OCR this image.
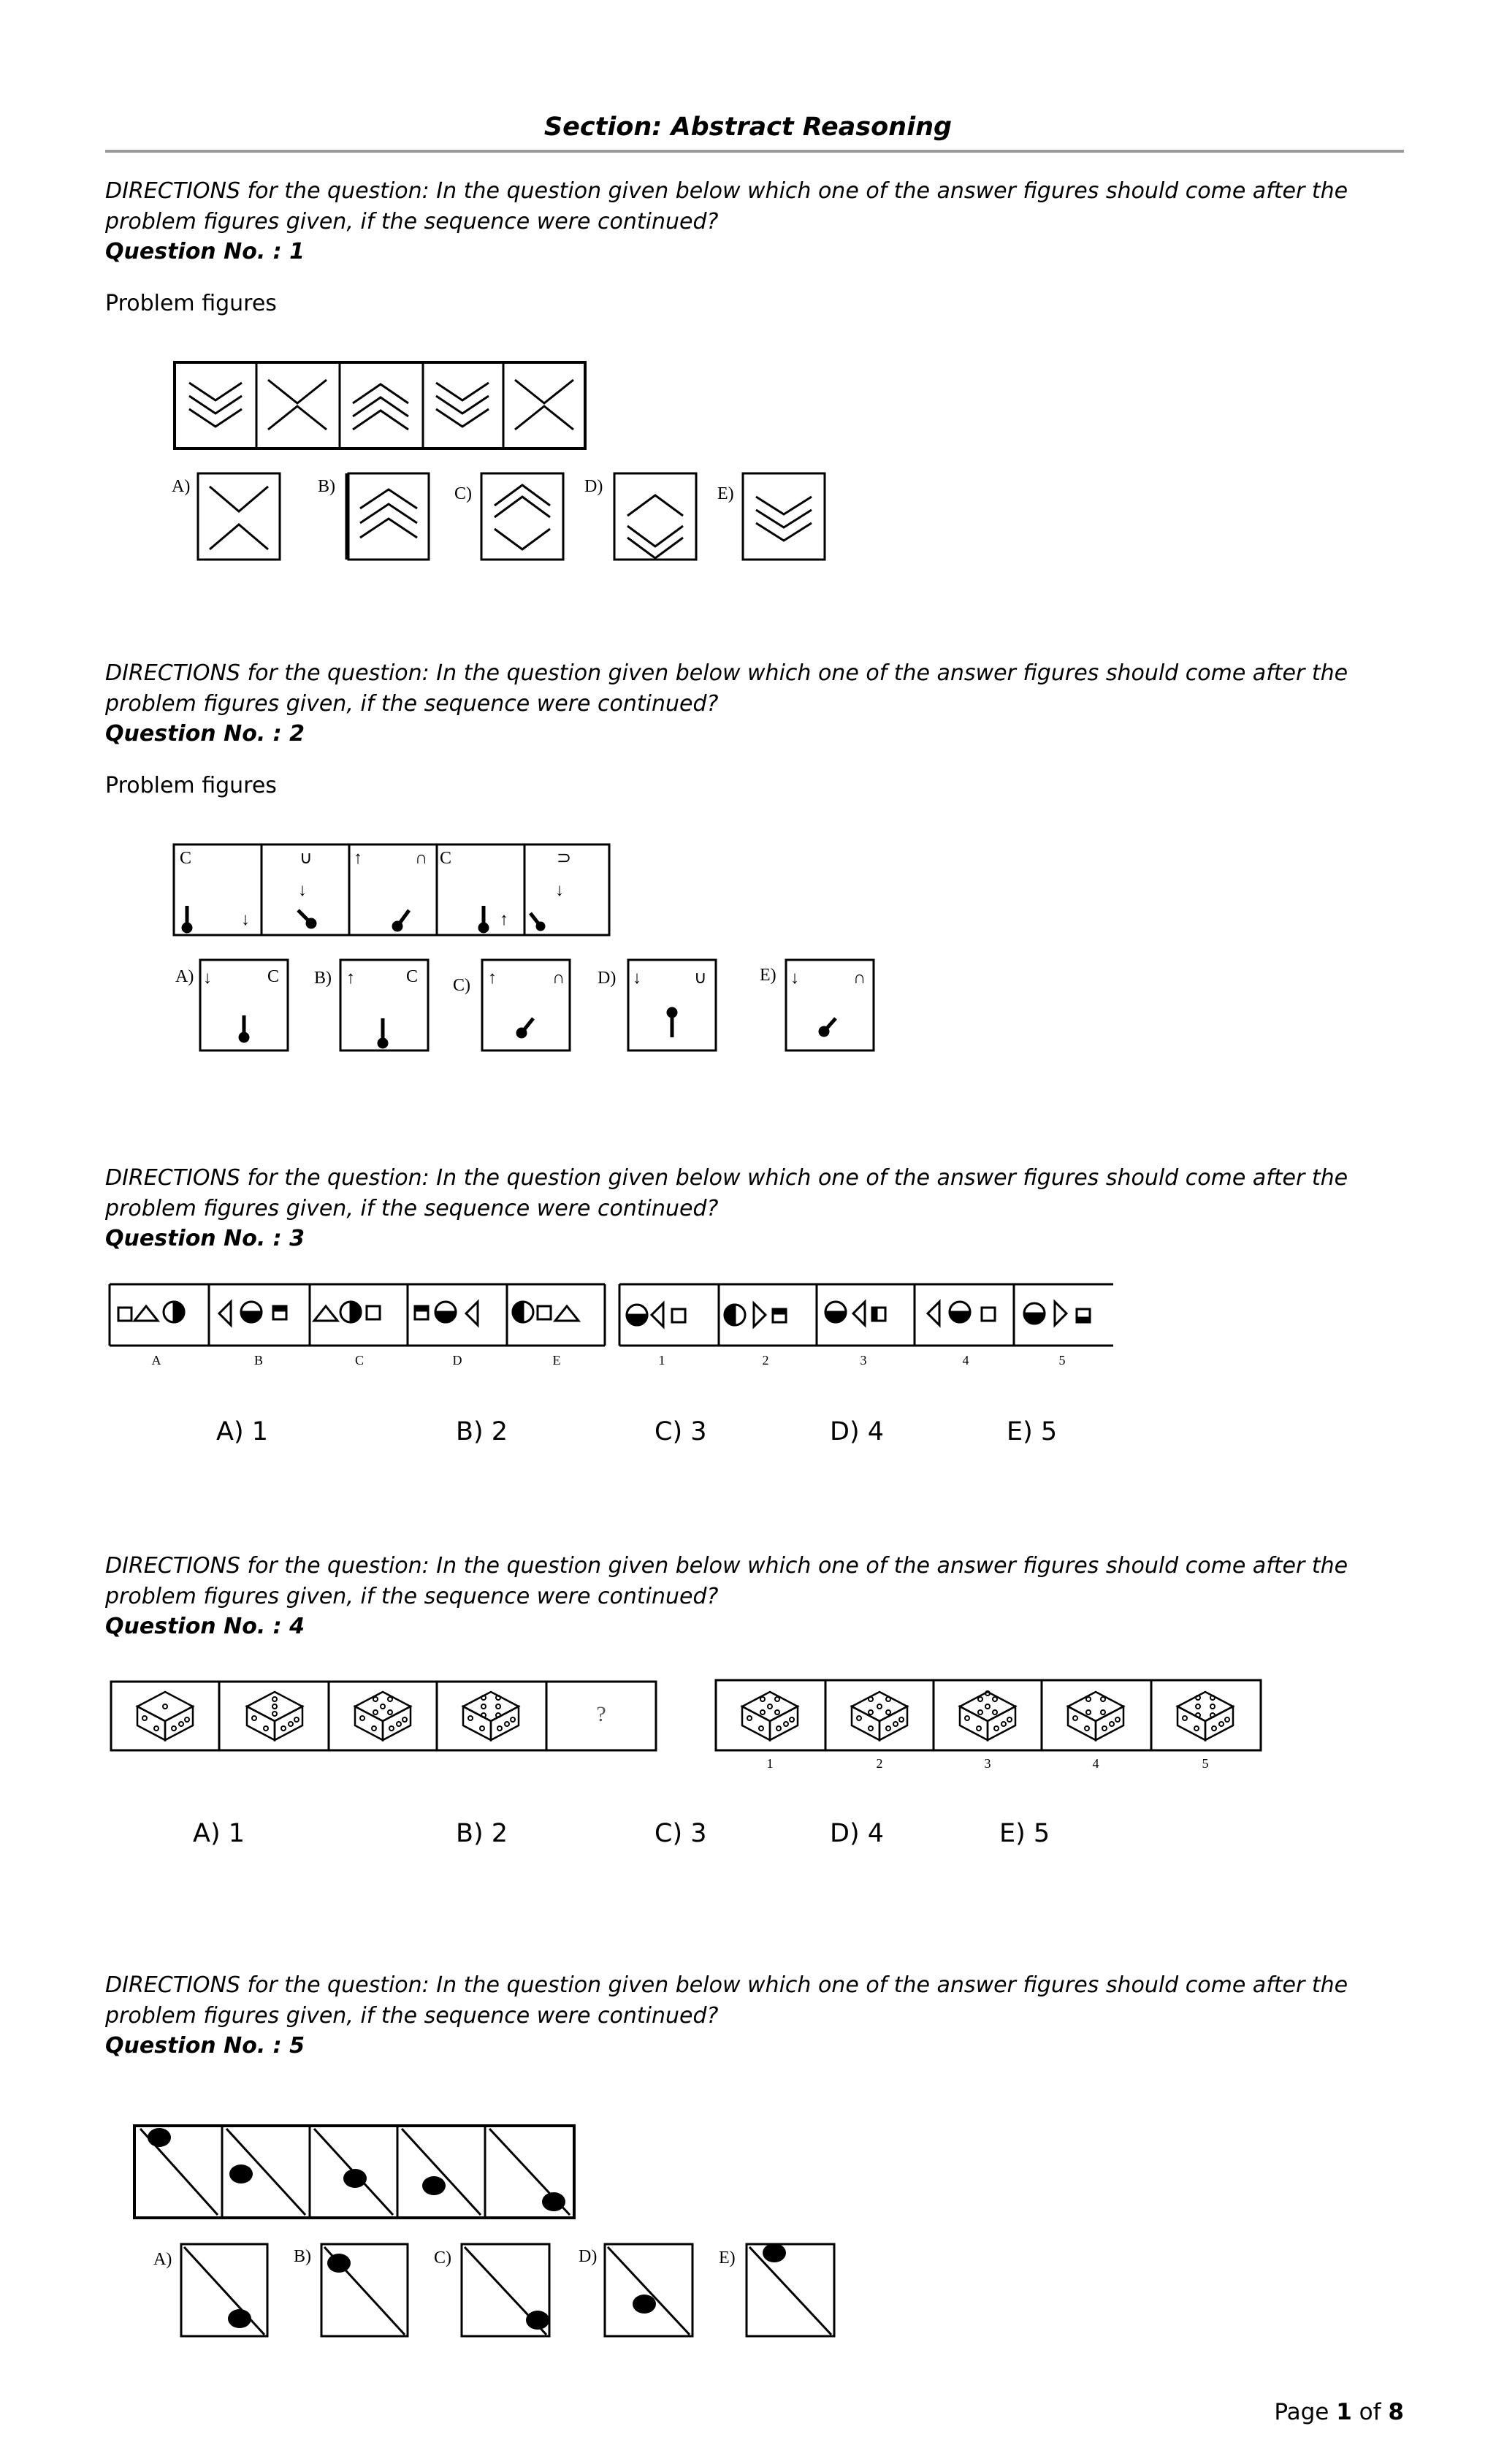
Section: Abstract Reasoning
DIRECTIONS for the question: In the question given below which one of the answer figures should come after the problem figures given, if the sequence were continued?
Question No. : 1
Problem figures
A)	B)	C)	D)	E)
DIRECTIONS for the question: In the question given below which one of the answer figures should come after the problem figures given, if the sequence were continued?
Question No. : 2
Problem figures
C	∪ ↑	∩ C
↑
⊃
↓
↓
↓
A) ↓	C B) ↑	C C) ↑	∩ D) ↓	∪	E) ↓	∩
DIRECTIONS for the question: In the question given below which one of the answer figures should come after the problem figures given, if the sequence were continued?
Question No. : 3
A	B	C	D	E	1	2	3	4	5
A) 1	B) 2	C) 3	D) 4	E) 5
DIRECTIONS for the question: In the question given below which one of the answer figures should come after the problem figures given, if the sequence were continued?
Question No. : 4
?
1	2	3	4	5
A) 1	B) 2	C) 3	D) 4	E) 5
DIRECTIONS for the question: In the question given below which one of the answer figures should come after the problem figures given, if the sequence were continued?
Question No. : 5
A)	B)	C)	D)	E)
Page 1 of 8
